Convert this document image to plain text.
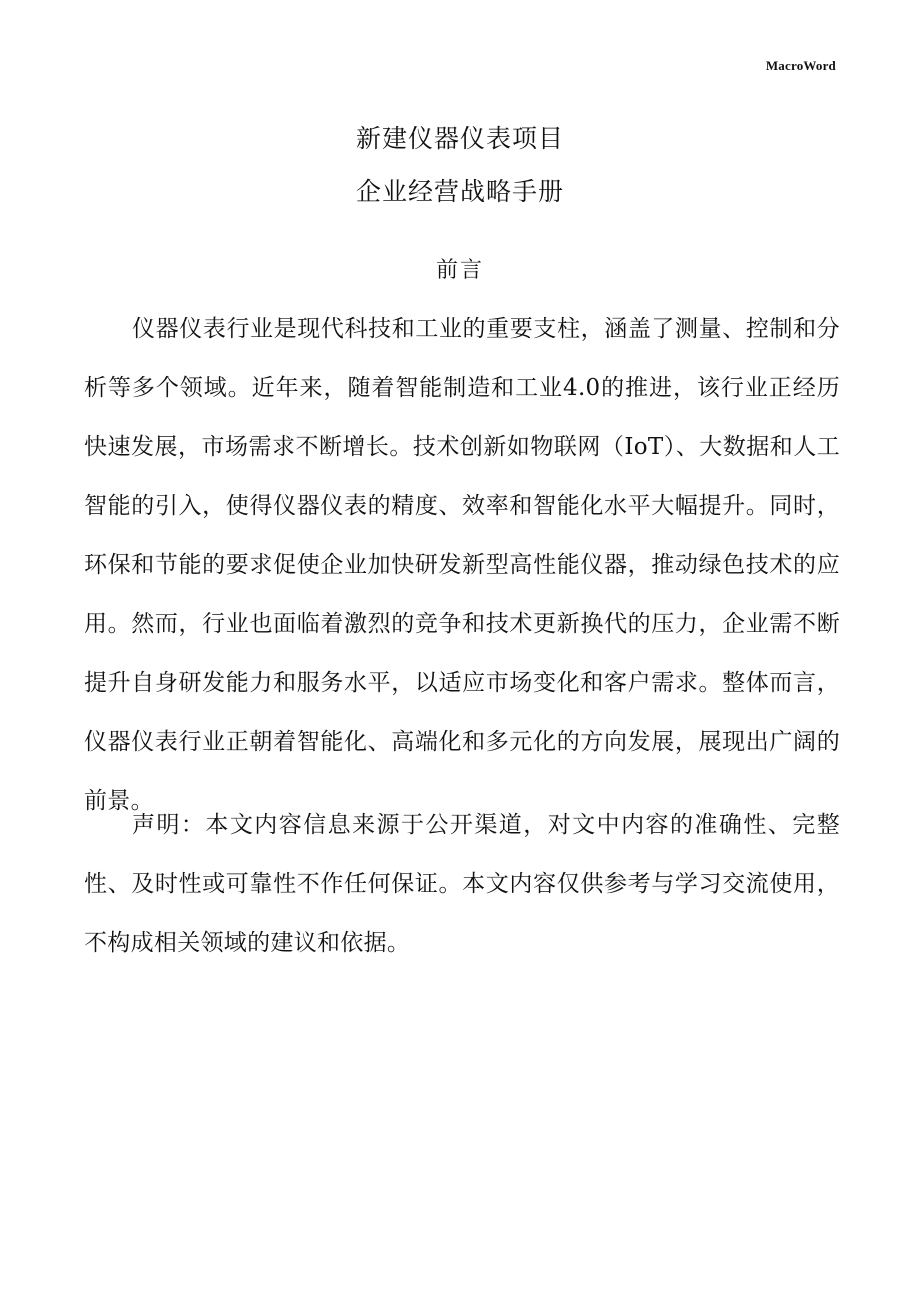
MacroWord
新建仪器仪表项目
企业经营战略手册
前言
仪器仪表行业是现代科技和工业的重要支柱，涵盖了测量、控制和分析等多个领域。近年来，随着智能制造和工业4.0的推进，该行业正经历快速发展，市场需求不断增长。技术创新如物联网（IoT）、大数据和人工智能的引入，使得仪器仪表的精度、效率和智能化水平大幅提升。同时，环保和节能的要求促使企业加快研发新型高性能仪器，推动绿色技术的应用。然而，行业也面临着激烈的竞争和技术更新换代的压力，企业需不断提升自身研发能力和服务水平，以适应市场变化和客户需求。整体而言，仪器仪表行业正朝着智能化、高端化和多元化的方向发展，展现出广阔的前景。
声明：本文内容信息来源于公开渠道，对文中内容的准确性、完整性、及时性或可靠性不作任何保证。本文内容仅供参考与学习交流使用，不构成相关领域的建议和依据。
